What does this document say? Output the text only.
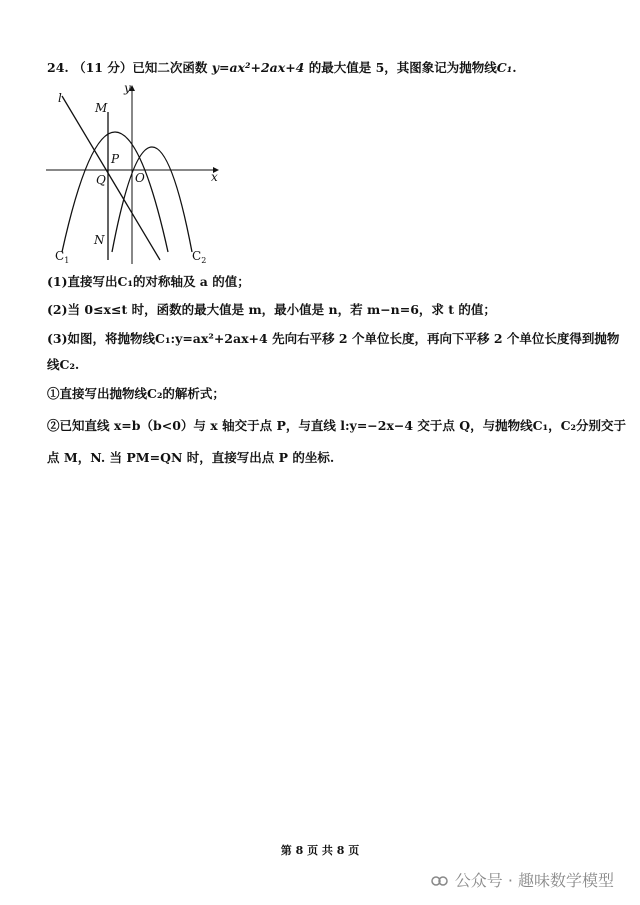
24. （11 分）已知二次函数 y=ax²+2ax+4 的最大值是 5，其图象记为抛物线C₁.
l
y
x
M
P
Q O
N
$C_1$	$C_2$
(1)直接写出C₁的对称轴及 a 的值；
(2)当 0≤x≤t 时，函数的最大值是 m，最小值是 n，若 m−n=6，求 t 的值；
(3)如图，将抛物线C₁:y=ax²+2ax+4 先向右平移 2 个单位长度，再向下平移 2 个单位长度得到抛物
线C₂.
①直接写出抛物线C₂的解析式；
②已知直线 x=b（b<0）与 x 轴交于点 P，与直线 l:y=−2x−4 交于点 Q，与抛物线C₁，C₂分别交于
点 M，N. 当 PM=QN 时，直接写出点 P 的坐标.
第 8 页 共 8 页
公众号 · 趣味数学模型
